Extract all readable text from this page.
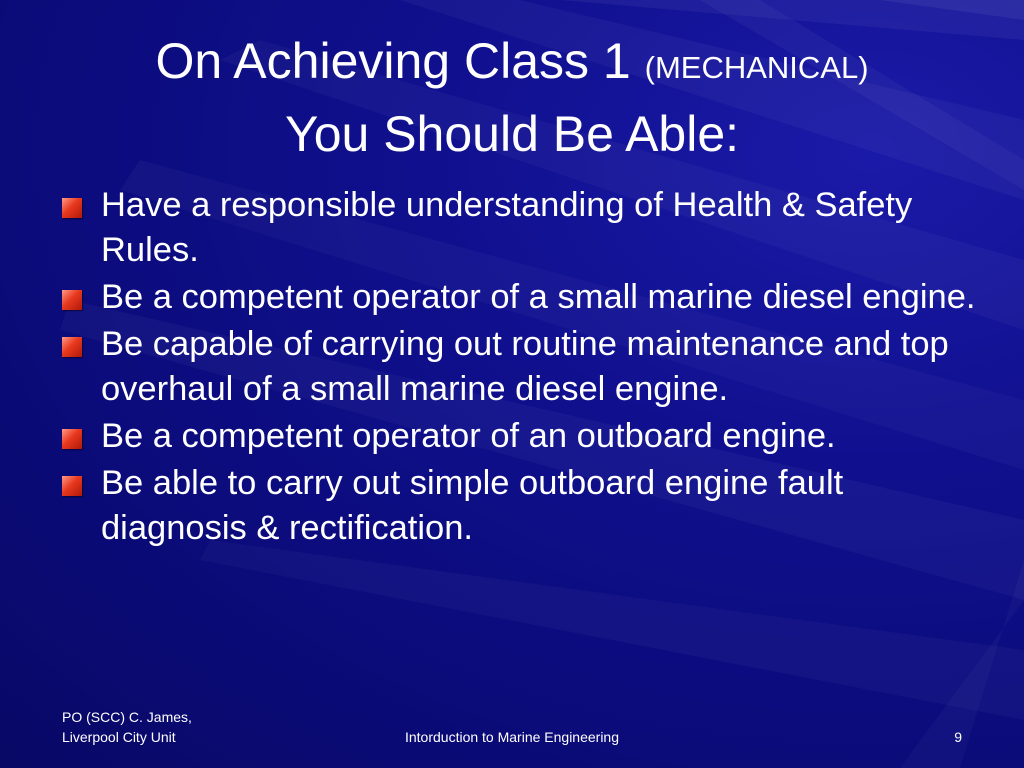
On Achieving Class 1 (MECHANICAL)
You Should Be Able:
Have a responsible understanding of Health & Safety Rules.
Be a competent operator of a small marine diesel engine.
Be capable of carrying out routine maintenance and top overhaul of a small marine diesel engine.
Be a competent operator of an outboard engine.
Be able to carry out simple outboard engine fault diagnosis & rectification.
PO (SCC) C. James,
Liverpool City Unit	Intorduction to Marine Engineering	9
